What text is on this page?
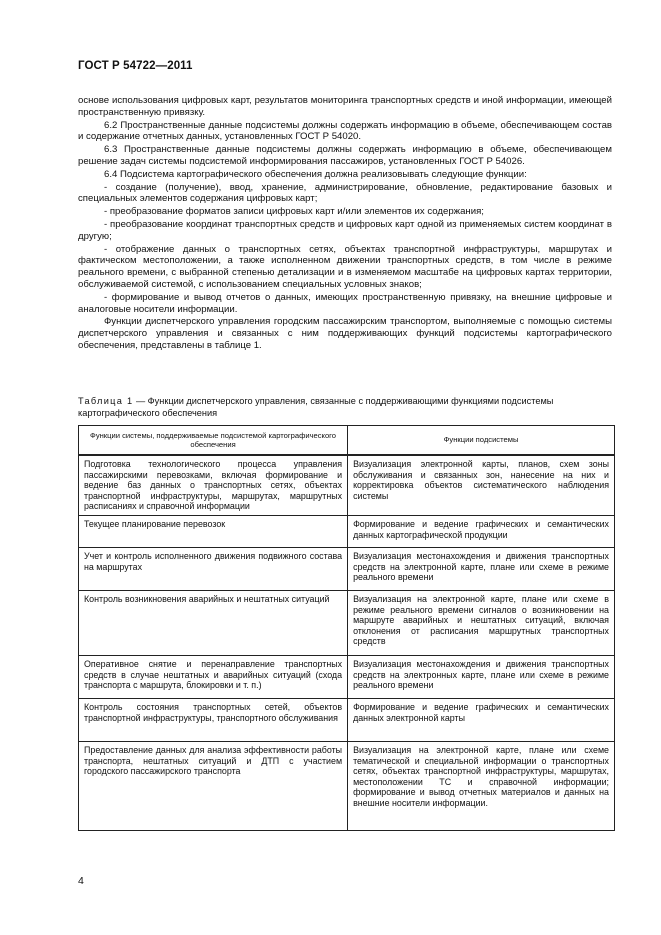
ГОСТ Р 54722—2011

основе использования цифровых карт, результатов мониторинга транспортных средств и иной информации, имеющей пространственную привязку.

6.2 Пространственные данные подсистемы должны содержать информацию в объеме, обеспечивающем состав и содержание отчетных данных, установленных ГОСТ Р 54020.

6.3 Пространственные данные подсистемы должны содержать информацию в объеме, обеспечивающем решение задач системы подсистемой информирования пассажиров, установленных ГОСТ Р 54026.

6.4 Подсистема картографического обеспечения должна реализовывать следующие функции:

- создание (получение), ввод, хранение, администрирование, обновление, редактирование базовых и специальных элементов содержания цифровых карт;

- преобразование форматов записи цифровых карт и/или элементов их содержания;

- преобразование координат транспортных средств и цифровых карт одной из применяемых систем координат в другую;

- отображение данных о транспортных сетях, объектах транспортной инфраструктуры, маршрутах и фактическом местоположении, а также исполненном движении транспортных средств, в том числе в режиме реального времени, с выбранной степенью детализации и в изменяемом масштабе на цифровых картах территории, обслуживаемой системой, с использованием специальных условных знаков;

- формирование и вывод отчетов о данных, имеющих пространственную привязку, на внешние цифровые и аналоговые носители информации.

Функции диспетчерского управления городским пассажирским транспортом, выполняемые с помощью системы диспетчерского управления и связанных с ним поддерживающих функций подсистемы картографического обеспечения, представлены в таблице 1.

Таблица 1 — Функции диспетчерского управления, связанные с поддерживающими функциями подсистемы картографического обеспечения
Функции системы, поддерживаемые подсистемой картографического обеспечения	Функции подсистемы
Подготовка технологического процесса управления пассажирскими перевозками, включая формирование и ведение баз данных о транспортных сетях, объектах транспортной инфраструктуры, маршрутах, маршрутных расписаниях и справочной информации	Визуализация электронной карты, планов, схем зоны обслуживания и связанных зон, нанесение на них и корректировка объектов систематического наблюдения системы
Текущее планирование перевозок	Формирование и ведение графических и семантических данных картографической продукции
Учет и контроль исполненного движения подвижного состава на маршрутах	Визуализация местонахождения и движения транспортных средств на электронной карте, плане или схеме в режиме реального времени
Контроль возникновения аварийных и нештатных ситуаций	Визуализация на электронной карте, плане или схеме в режиме реального времени сигналов о возникновении на маршруте аварийных и нештатных ситуаций, включая отклонения от расписания маршрутных транспортных средств
Оперативное снятие и перенаправление транспортных средств в случае нештатных и аварийных ситуаций (схода транспорта с маршрута, блокировки и т. п.)	Визуализация местонахождения и движения транспортных средств на электронных карте, плане или схеме в режиме реального времени
Контроль состояния транспортных сетей, объектов транспортной инфраструктуры, транспортного обслуживания	Формирование и ведение графических и семантических данных электронной карты
Предоставление данных для анализа эффективности работы транспорта, нештатных ситуаций и ДТП с участием городского пассажирского транспорта	Визуализация на электронной карте, плане или схеме тематической и специальной информации о транспортных сетях, объектах транспортной инфраструктуры, маршрутах, местоположении ТС и справочной информации; формирование и вывод отчетных материалов и данных на внешние носители информации.
4
